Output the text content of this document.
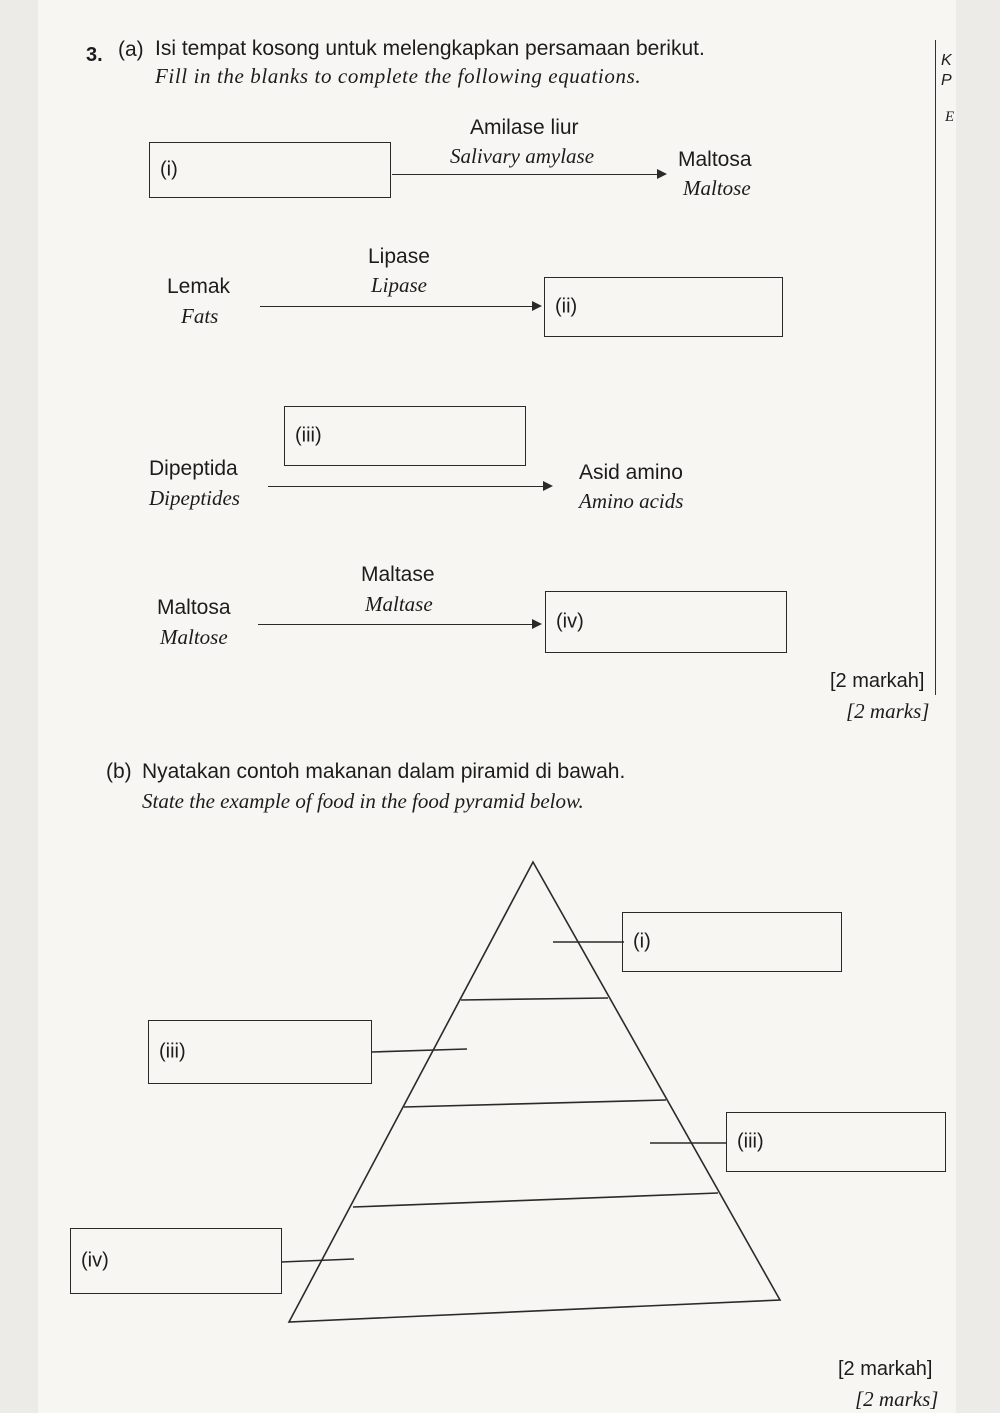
3. (a) Isi tempat kosong untuk melengkapkan persamaan berikut.
Fill in the blanks to complete the following equations.
K
P
E
(i)
Amilase liur
Salivary amylase	Maltosa
Maltose
Lemak
Fats
Lipase
Lipase
(ii)
(iii)
Dipeptida
Dipeptides
Asid amino
Amino acids
Maltase
Maltase
Maltosa
Maltose
(iv)
[2 markah]
[2 marks]
(b) Nyatakan contoh makanan dalam piramid di bawah.
State the example of food in the food pyramid below.
(i)
(iii)
(iii)
(iv)
[2 markah]
[2 marks]
